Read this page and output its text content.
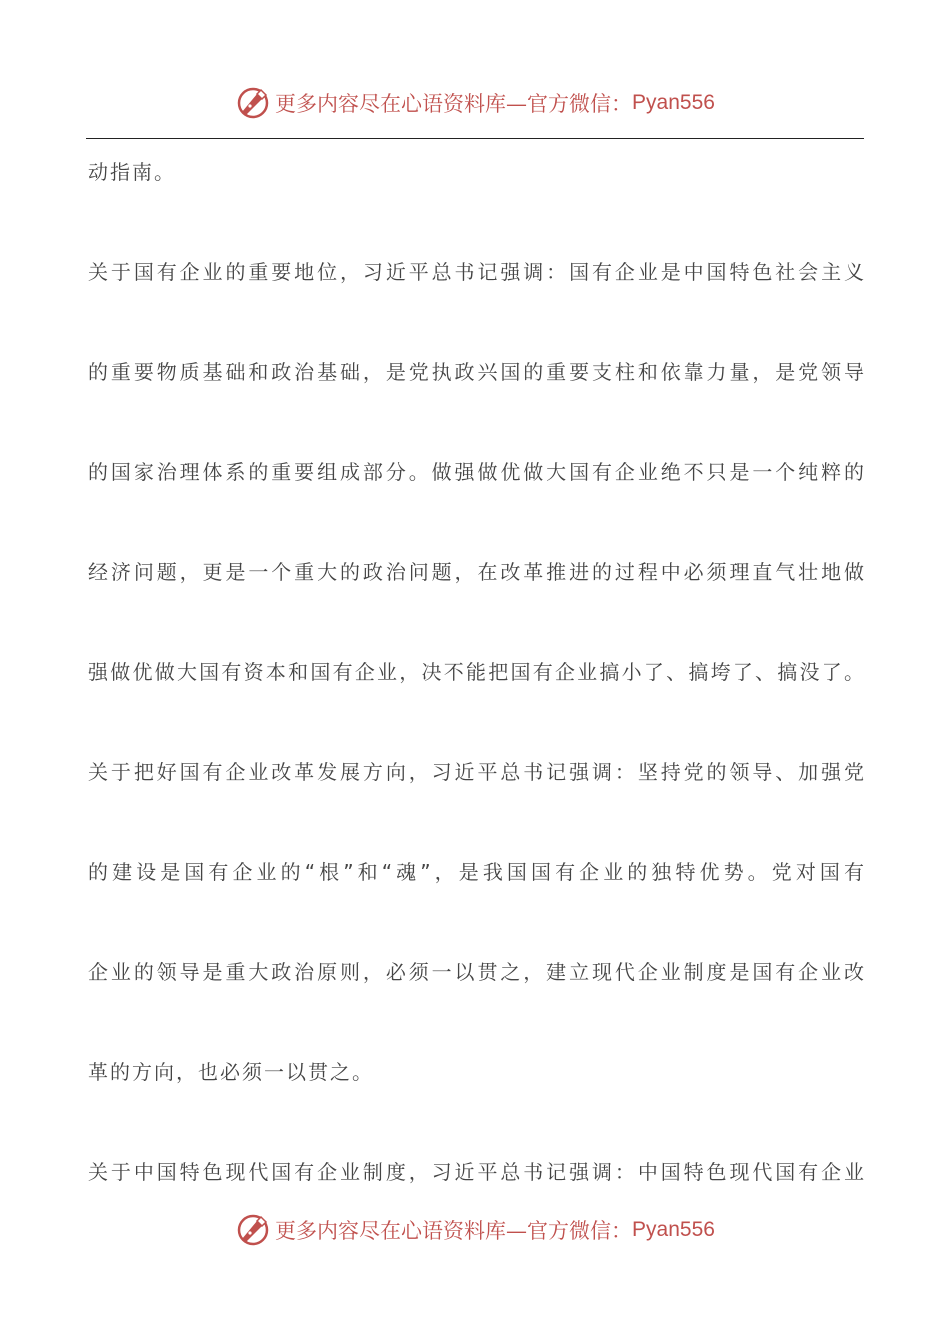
更多内容尽在心语资料库—官方微信： Pyan556
动指南。
关于国有企业的重要地位，习近平总书记强调：国有企业是中国特色社会主义
的重要物质基础和政治基础，是党执政兴国的重要支柱和依靠力量，是党领导
的国家治理体系的重要组成部分。做强做优做大国有企业绝不只是一个纯粹的
经济问题，更是一个重大的政治问题，在改革推进的过程中必须理直气壮地做
强做优做大国有资本和国有企业，决不能把国有企业搞小了、搞垮了、搞没了。
关于把好国有企业改革发展方向，习近平总书记强调：坚持党的领导、加强党
的建设是国有企业的“根”和“魂”，是我国国有企业的独特优势。党对国有
企业的领导是重大政治原则，必须一以贯之，建立现代企业制度是国有企业改
革的方向，也必须一以贯之。
关于中国特色现代国有企业制度，习近平总书记强调：中国特色现代国有企业
更多内容尽在心语资料库—官方微信： Pyan556
